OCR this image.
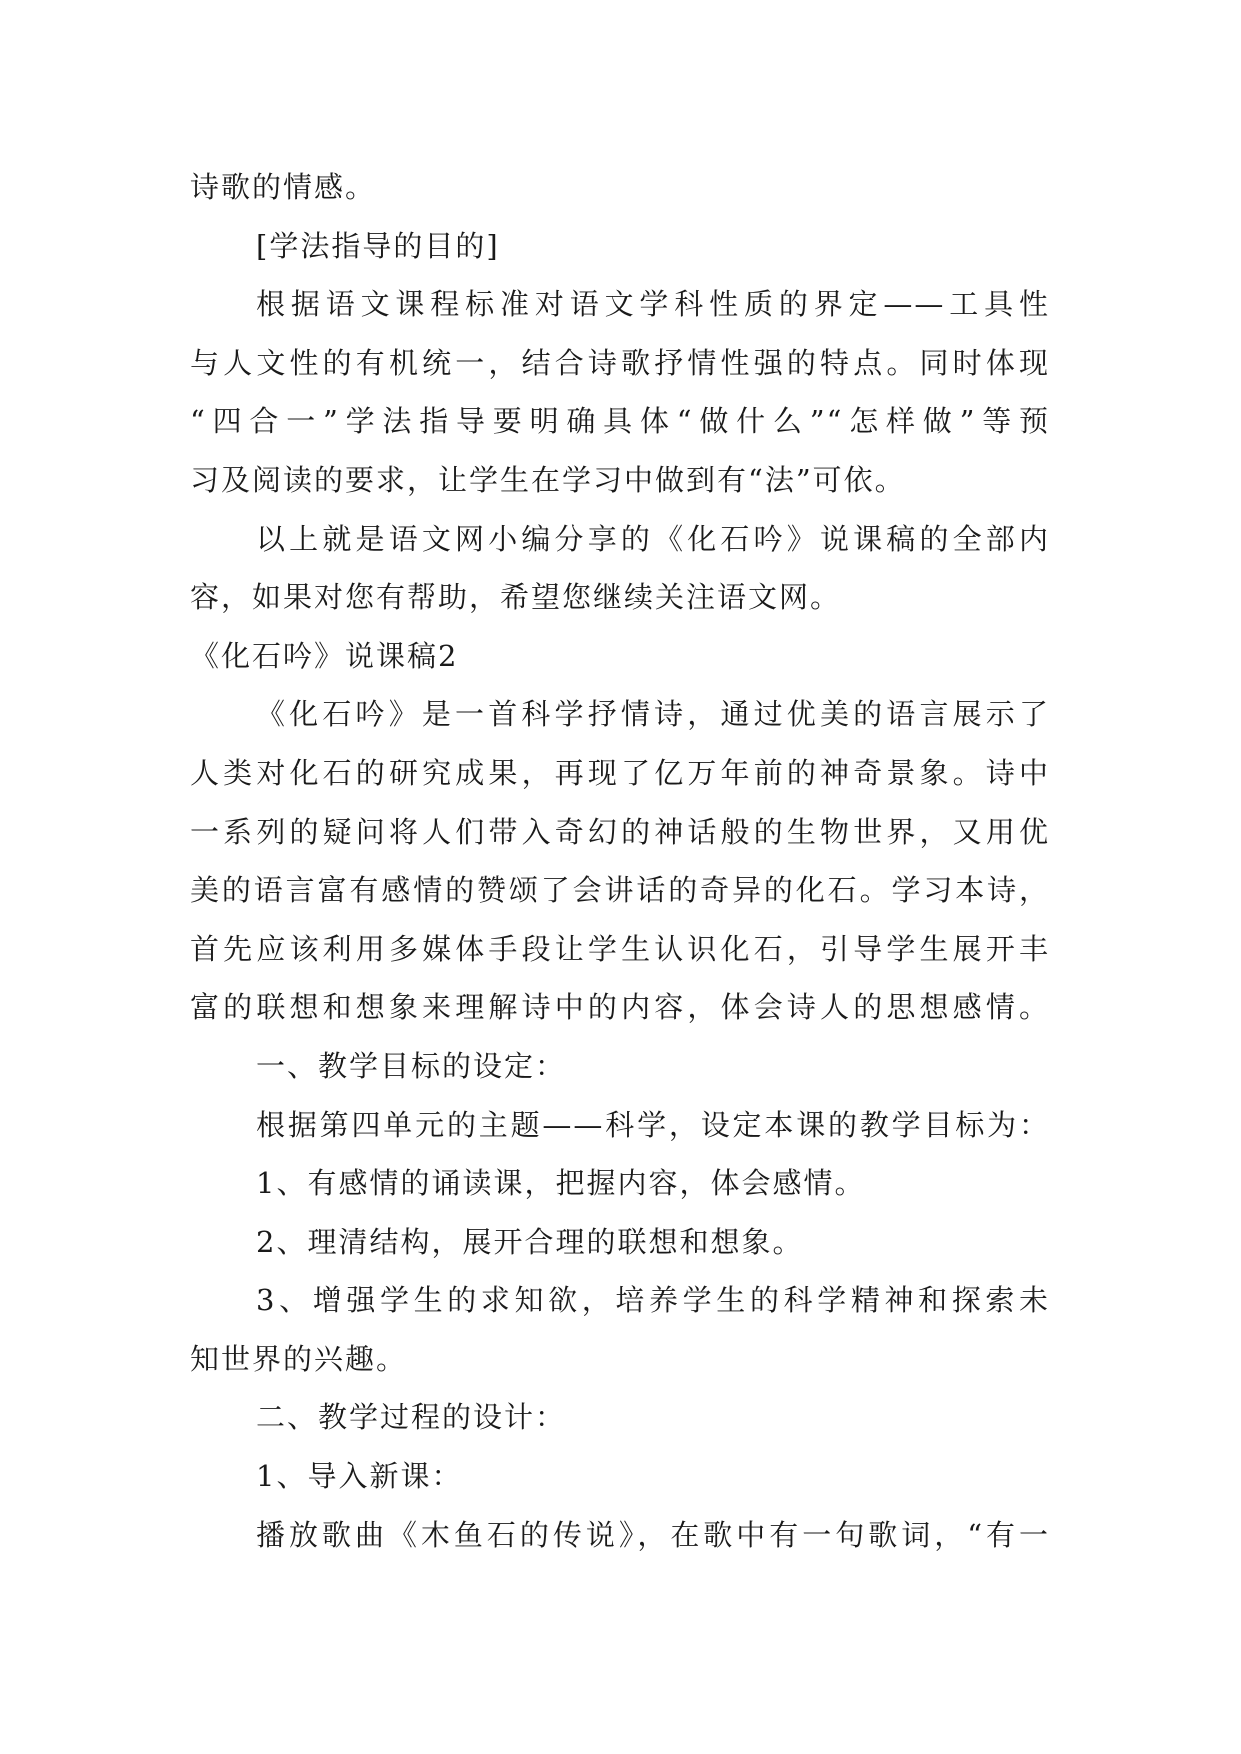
诗歌的情感。
[学法指导的目的]
根据语文课程标准对语文学科性质的界定——工具性
与人文性的有机统一，结合诗歌抒情性强的特点。同时体现
“四合一”学法指导要明确具体“做什么”“怎样做”等预
习及阅读的要求，让学生在学习中做到有“法”可依。
以上就是语文网小编分享的《化石吟》说课稿的全部内
容，如果对您有帮助，希望您继续关注语文网。
《化石吟》说课稿2
《化石吟》是一首科学抒情诗，通过优美的语言展示了
人类对化石的研究成果，再现了亿万年前的神奇景象。诗中
一系列的疑问将人们带入奇幻的神话般的生物世界，又用优
美的语言富有感情的赞颂了会讲话的奇异的化石。学习本诗，
首先应该利用多媒体手段让学生认识化石，引导学生展开丰
富的联想和想象来理解诗中的内容，体会诗人的思想感情。
一、教学目标的设定：
根据第四单元的主题——科学，设定本课的教学目标为：
1、有感情的诵读课，把握内容，体会感情。
2、理清结构，展开合理的联想和想象。
3、增强学生的求知欲，培养学生的科学精神和探索未
知世界的兴趣。
二、教学过程的设计：
1、导入新课：
播放歌曲《木鱼石的传说》，在歌中有一句歌词，“有一
